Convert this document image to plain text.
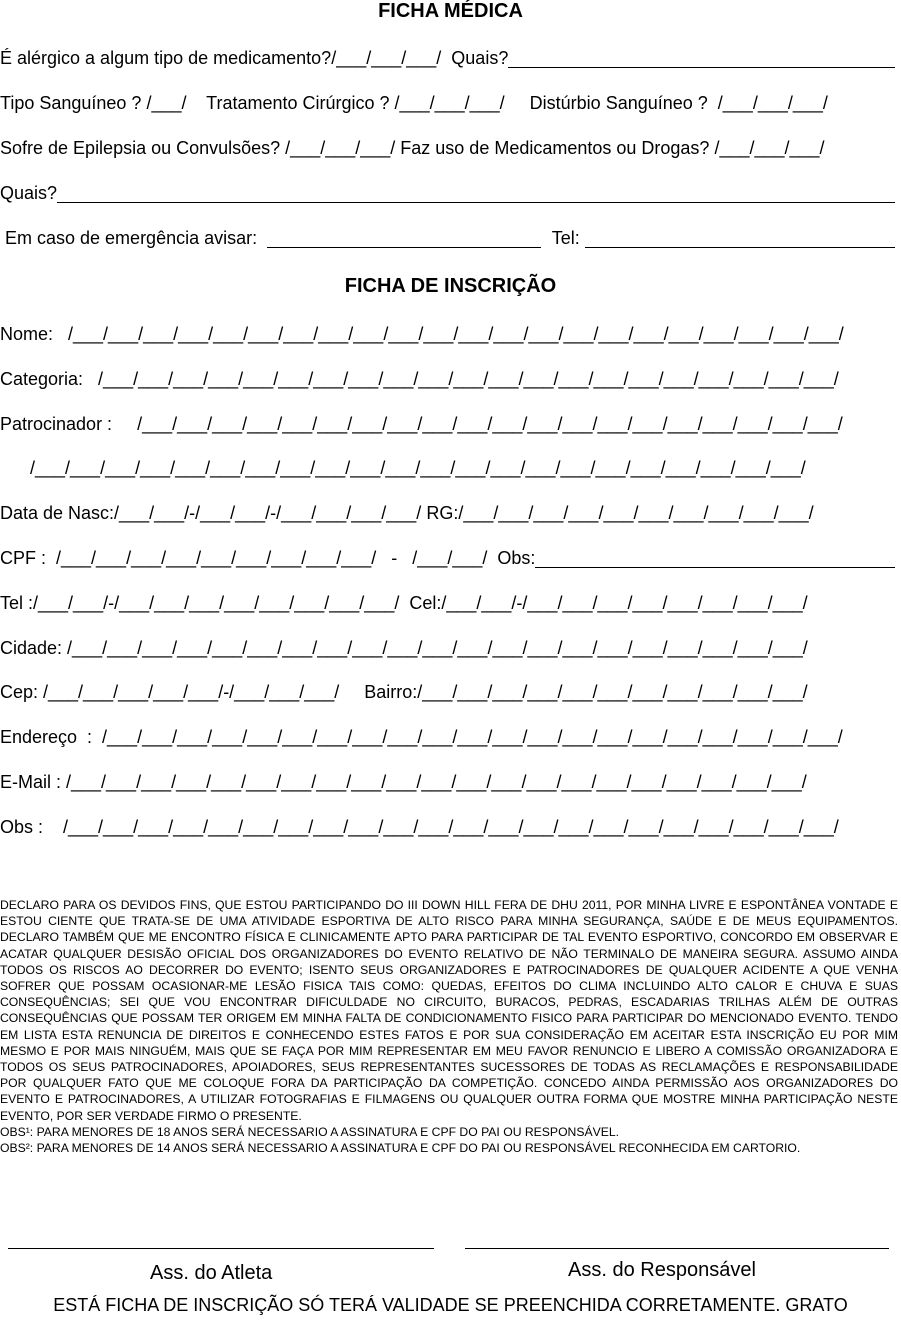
FICHA MÉDICA
É alérgico a algum tipo de medicamento?/___/___/___/  Quais?
Tipo Sanguíneo ? /___/    Tratamento Cirúrgico ? /___/___/___/     Distúrbio Sanguíneo ?  /___/___/___/
Sofre de Epilepsia ou Convulsões? /___/___/___/ Faz uso de Medicamentos ou Drogas? /___/___/___/
Quais?
Em caso de emergência avisar:	Tel:
FICHA DE INSCRIÇÃO
Nome:   /___/___/___/___/___/___/___/___/___/___/___/___/___/___/___/___/___/___/___/___/___/___/
Categoria:   /___/___/___/___/___/___/___/___/___/___/___/___/___/___/___/___/___/___/___/___/___/
Patrocinador :     /___/___/___/___/___/___/___/___/___/___/___/___/___/___/___/___/___/___/___/___/
/___/___/___/___/___/___/___/___/___/___/___/___/___/___/___/___/___/___/___/___/___/___/
Data de Nasc:/___/___/-/___/___/-/___/___/___/___/ RG:/___/___/___/___/___/___/___/___/___/___/
CPF :  /___/___/___/___/___/___/___/___/___/   -   /___/___/  Obs:
Tel :/___/___/-/___/___/___/___/___/___/___/___/  Cel:/___/___/-/___/___/___/___/___/___/___/___/
Cidade: /___/___/___/___/___/___/___/___/___/___/___/___/___/___/___/___/___/___/___/___/___/
Cep: /___/___/___/___/___/-/___/___/___/     Bairro:/___/___/___/___/___/___/___/___/___/___/___/
Endereço  :  /___/___/___/___/___/___/___/___/___/___/___/___/___/___/___/___/___/___/___/___/___/
E-Mail : /___/___/___/___/___/___/___/___/___/___/___/___/___/___/___/___/___/___/___/___/___/
Obs :    /___/___/___/___/___/___/___/___/___/___/___/___/___/___/___/___/___/___/___/___/___/___/

DECLARO PARA OS DEVIDOS FINS, QUE ESTOU PARTICIPANDO DO III DOWN HILL FERA DE DHU 2011, POR MINHA LIVRE E ESPONTÂNEA VONTADE E ESTOU CIENTE QUE TRATA-SE DE UMA ATIVIDADE ESPORTIVA DE ALTO RISCO PARA MINHA SEGURANÇA, SAÚDE E DE MEUS EQUIPAMENTOS. DECLARO TAMBÉM QUE ME ENCONTRO FÍSICA E CLINICAMENTE APTO PARA PARTICIPAR DE TAL EVENTO ESPORTIVO, CONCORDO EM OBSERVAR E ACATAR QUALQUER DESISÃO OFICIAL DOS ORGANIZADORES DO EVENTO RELATIVO DE NÃO TERMINALO DE MANEIRA SEGURA. ASSUMO AINDA TODOS OS RISCOS AO DECORRER DO EVENTO; ISENTO SEUS ORGANIZADORES E PATROCINADORES DE QUALQUER ACIDENTE A QUE VENHA SOFRER QUE POSSAM OCASIONAR-ME LESÃO FISICA TAIS COMO: QUEDAS, EFEITOS DO CLIMA INCLUINDO ALTO CALOR E CHUVA E SUAS CONSEQUÊNCIAS; SEI QUE VOU ENCONTRAR DIFICULDADE NO CIRCUITO, BURACOS, PEDRAS, ESCADARIAS TRILHAS ALÉM DE OUTRAS CONSEQUÊNCIAS QUE POSSAM TER ORIGEM EM MINHA FALTA DE CONDICIONAMENTO FISICO PARA PARTICIPAR DO MENCIONADO EVENTO. TENDO EM LISTA ESTA RENUNCIA DE DIREITOS E CONHECENDO ESTES FATOS E POR SUA CONSIDERAÇÃO EM ACEITAR ESTA INSCRIÇÃO EU POR MIM MESMO E POR MAIS NINGUÉM, MAIS QUE SE FAÇA POR MIM REPRESENTAR EM MEU FAVOR RENUNCIO E LIBERO A COMISSÃO ORGANIZADORA E TODOS OS SEUS PATROCINADORES, APOIADORES, SEUS REPRESENTANTES SUCESSORES DE TODAS AS RECLAMAÇÕES E RESPONSABILIDADE POR QUALQUER FATO QUE ME COLOQUE FORA DA PARTICIPAÇÃO DA COMPETIÇÃO. CONCEDO AINDA PERMISSÃO AOS ORGANIZADORES DO EVENTO E PATROCINADORES, A UTILIZAR FOTOGRAFIAS E FILMAGENS OU QUALQUER OUTRA FORMA QUE MOSTRE MINHA PARTICIPAÇÃO NESTE EVENTO, POR SER VERDADE FIRMO O PRESENTE.

OBS¹: PARA MENORES DE 18 ANOS SERÁ NECESSARIO A ASSINATURA E CPF DO PAI OU RESPONSÁVEL.

OBS²: PARA MENORES DE 14 ANOS SERÁ NECESSARIO A ASSINATURA E CPF DO PAI OU RESPONSÁVEL RECONHECIDA EM CARTORIO.

Ass. do Atleta	Ass. do Responsável
ESTÁ FICHA DE INSCRIÇÃO SÓ TERÁ VALIDADE SE PREENCHIDA CORRETAMENTE. GRATO
